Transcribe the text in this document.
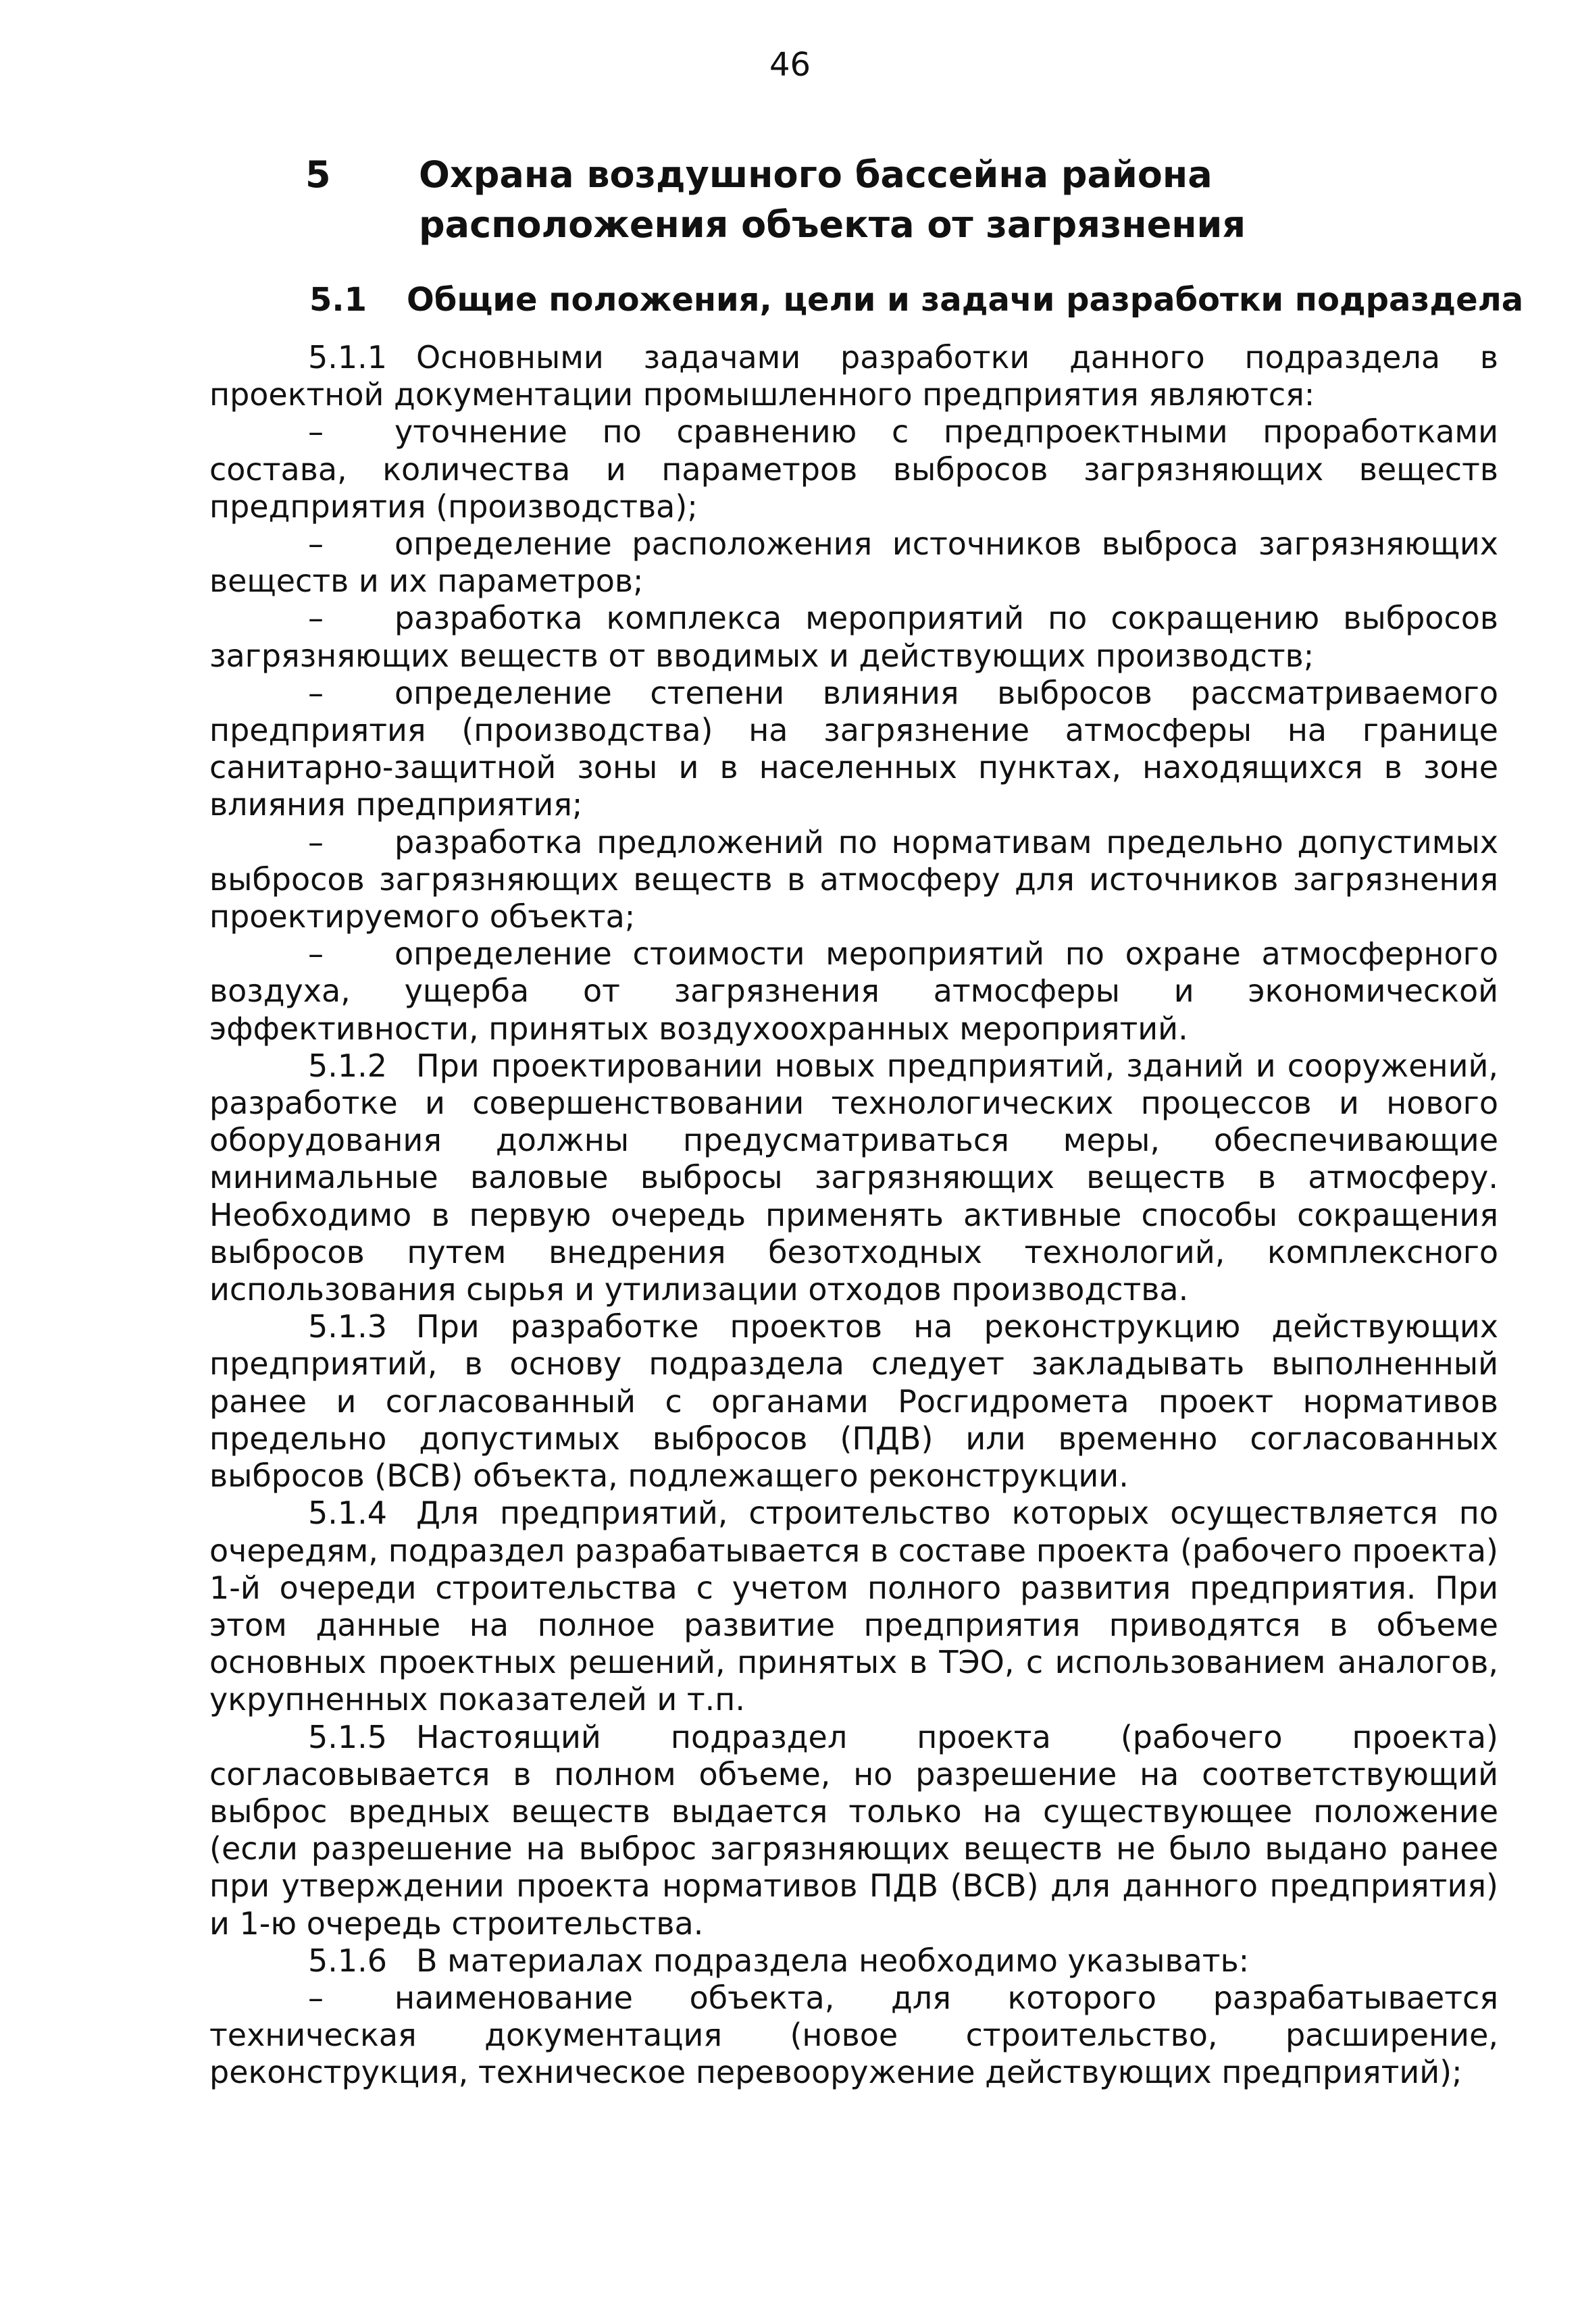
46
5 Охрана воздушного бассейна района расположения объекта от загрязнения
5.1 Общие положения, цели и задачи разработки подраздела

5.1.1 Основными задачами разработки данного подраздела в проектной документации промышленного предприятия являются:

– уточнение по сравнению с предпроектными проработками состава, количества и параметров выбросов загрязняющих веществ предприятия (производства);

– определение расположения источников выброса загрязняющих веществ и их параметров;

– разработка комплекса мероприятий по сокращению выбросов загрязняющих веществ от вводимых и действующих производств;

– определение степени влияния выбросов рассматриваемого предприятия (производства) на загрязнение атмосферы на границе санитарно-защитной зоны и в населенных пунктах, находящихся в зоне влияния предприятия;

– разработка предложений по нормативам предельно допустимых выбросов загрязняющих веществ в атмосферу для источников загрязнения проектируемого объекта;

– определение стоимости мероприятий по охране атмосферного воздуха, ущерба от загрязнения атмосферы и экономической эффективности, принятых воздухоохранных мероприятий.

5.1.2 При проектировании новых предприятий, зданий и сооружений, разработке и совершенствовании технологических процессов и нового оборудования должны предусматриваться меры, обеспечивающие минимальные валовые выбросы загрязняющих веществ в атмосферу. Необходимо в первую очередь применять активные способы сокращения выбросов путем внедрения безотходных технологий, комплексного использования сырья и утилизации отходов производства.

5.1.3 При разработке проектов на реконструкцию действующих предприятий, в основу подраздела следует закладывать выполненный ранее и согласованный с органами Росгидромета проект нормативов предельно допустимых выбросов (ПДВ) или временно согласованных выбросов (ВСВ) объекта, подлежащего реконструкции.

5.1.4 Для предприятий, строительство которых осуществляется по очередям, подраздел разрабатывается в составе проекта (рабочего проекта) 1-й очереди строительства с учетом полного развития предприятия. При этом данные на полное развитие предприятия приводятся в объеме основных проектных решений, принятых в ТЭО, с использованием аналогов, укрупненных показателей и т.п.

5.1.5 Настоящий подраздел проекта (рабочего проекта) согласовывается в полном объеме, но разрешение на соответствующий выброс вредных веществ выдается только на существующее положение (если разрешение на выброс загрязняющих веществ не было выдано ранее при утверждении проекта нормативов ПДВ (ВСВ) для данного предприятия) и 1-ю очередь строительства.

5.1.6 В материалах подраздела необходимо указывать:

– наименование объекта, для которого разрабатывается техническая документация (новое строительство, расширение, реконструкция, техническое перевооружение действующих предприятий);
